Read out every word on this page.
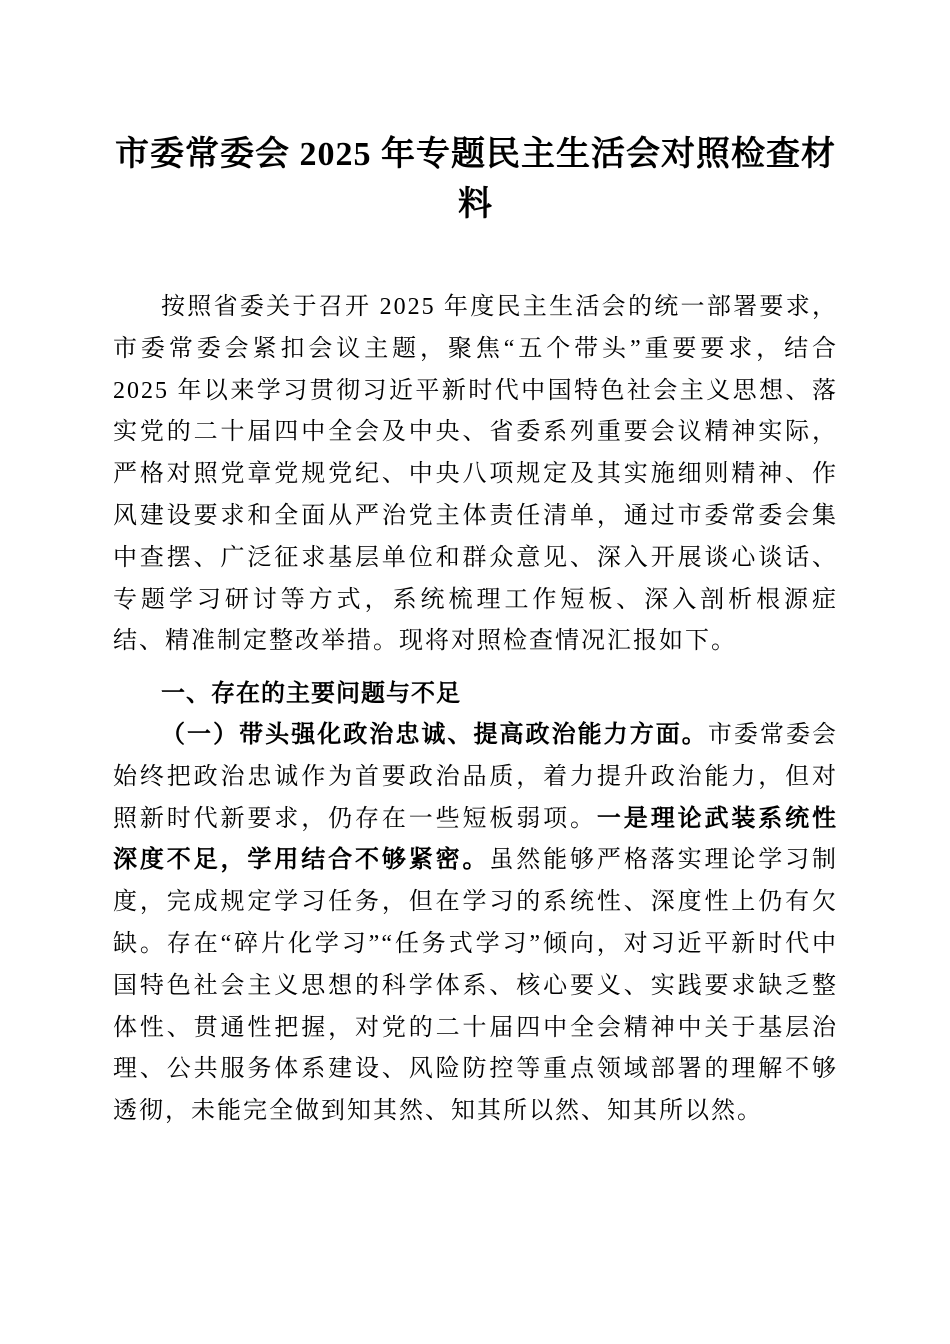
市委常委会 2025 年专题民主生活会对照检查材料

按照省委关于召开 2025 年度民主生活会的统一部署要求，市委常委会紧扣会议主题，聚焦“五个带头”重要要求，结合 2025 年以来学习贯彻习近平新时代中国特色社会主义思想、落实党的二十届四中全会及中央、省委系列重要会议精神实际，严格对照党章党规党纪、中央八项规定及其实施细则精神、作风建设要求和全面从严治党主体责任清单，通过市委常委会集中查摆、广泛征求基层单位和群众意见、深入开展谈心谈话、专题学习研讨等方式，系统梳理工作短板、深入剖析根源症结、精准制定整改举措。现将对照检查情况汇报如下。

一、存在的主要问题与不足

（一）带头强化政治忠诚、提高政治能力方面。市委常委会始终把政治忠诚作为首要政治品质，着力提升政治能力，但对照新时代新要求，仍存在一些短板弱项。一是理论武装系统性深度不足，学用结合不够紧密。虽然能够严格落实理论学习制度，完成规定学习任务，但在学习的系统性、深度性上仍有欠缺。存在“碎片化学习”“任务式学习”倾向，对习近平新时代中国特色社会主义思想的科学体系、核心要义、实践要求缺乏整体性、贯通性把握，对党的二十届四中全会精神中关于基层治理、公共服务体系建设、风险防控等重点领域部署的理解不够透彻，未能完全做到知其然、知其所以然、知其所以然。
